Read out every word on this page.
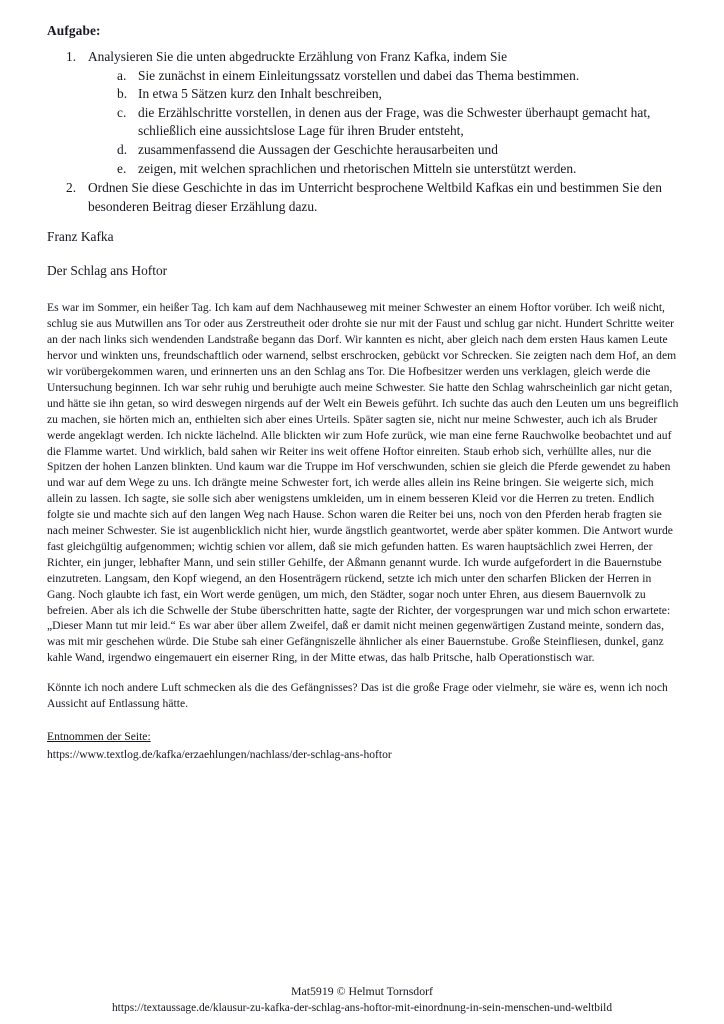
Aufgabe:
1. Analysieren Sie die unten abgedruckte Erzählung von Franz Kafka, indem Sie
a. Sie zunächst in einem Einleitungssatz vorstellen und dabei das Thema bestimmen.
b. In etwa 5 Sätzen kurz den Inhalt beschreiben,
c. die Erzählschritte vorstellen, in denen aus der Frage, was die Schwester überhaupt gemacht hat, schließlich eine aussichtslose Lage für ihren Bruder entsteht,
d. zusammenfassend die Aussagen der Geschichte herausarbeiten und
e. zeigen, mit welchen sprachlichen und rhetorischen Mitteln sie unterstützt werden.
2. Ordnen Sie diese Geschichte in das im Unterricht besprochene Weltbild Kafkas ein und bestimmen Sie den besonderen Beitrag dieser Erzählung dazu.

Franz Kafka

Der Schlag ans Hoftor

Es war im Sommer, ein heißer Tag. Ich kam auf dem Nachhauseweg mit meiner Schwester an einem Hoftor vorüber. Ich weiß nicht, schlug sie aus Mutwillen ans Tor oder aus Zerstreutheit oder drohte sie nur mit der Faust und schlug gar nicht. Hundert Schritte weiter an der nach links sich wendenden Landstraße begann das Dorf. Wir kannten es nicht, aber gleich nach dem ersten Haus kamen Leute hervor und winkten uns, freundschaftlich oder warnend, selbst erschrocken, gebückt vor Schrecken. Sie zeigten nach dem Hof, an dem wir vorübergekommen waren, und erinnerten uns an den Schlag ans Tor. Die Hofbesitzer werden uns verklagen, gleich werde die Untersuchung beginnen. Ich war sehr ruhig und beruhigte auch meine Schwester. Sie hatte den Schlag wahrscheinlich gar nicht getan, und hätte sie ihn getan, so wird deswegen nirgends auf der Welt ein Beweis geführt. Ich suchte das auch den Leuten um uns begreiflich zu machen, sie hörten mich an, enthielten sich aber eines Urteils. Später sagten sie, nicht nur meine Schwester, auch ich als Bruder werde angeklagt werden. Ich nickte lächelnd. Alle blickten wir zum Hofe zurück, wie man eine ferne Rauchwolke beobachtet und auf die Flamme wartet. Und wirklich, bald sahen wir Reiter ins weit offene Hoftor einreiten. Staub erhob sich, verhüllte alles, nur die Spitzen der hohen Lanzen blinkten. Und kaum war die Truppe im Hof verschwunden, schien sie gleich die Pferde gewendet zu haben und war auf dem Wege zu uns. Ich drängte meine Schwester fort, ich werde alles allein ins Reine bringen. Sie weigerte sich, mich allein zu lassen. Ich sagte, sie solle sich aber wenigstens umkleiden, um in einem besseren Kleid vor die Herren zu treten. Endlich folgte sie und machte sich auf den langen Weg nach Hause. Schon waren die Reiter bei uns, noch von den Pferden herab fragten sie nach meiner Schwester. Sie ist augenblicklich nicht hier, wurde ängstlich geantwortet, werde aber später kommen. Die Antwort wurde fast gleichgültig aufgenommen; wichtig schien vor allem, daß sie mich gefunden hatten. Es waren hauptsächlich zwei Herren, der Richter, ein junger, lebhafter Mann, und sein stiller Gehilfe, der Aßmann genannt wurde. Ich wurde aufgefordert in die Bauernstube einzutreten. Langsam, den Kopf wiegend, an den Hosenträgern rückend, setzte ich mich unter den scharfen Blicken der Herren in Gang. Noch glaubte ich fast, ein Wort werde genügen, um mich, den Städter, sogar noch unter Ehren, aus diesem Bauernvolk zu befreien. Aber als ich die Schwelle der Stube überschritten hatte, sagte der Richter, der vorgesprungen war und mich schon erwartete: „Dieser Mann tut mir leid.“ Es war aber über allem Zweifel, daß er damit nicht meinen gegenwärtigen Zustand meinte, sondern das, was mit mir geschehen würde. Die Stube sah einer Gefängniszelle ähnlicher als einer Bauernstube. Große Steinfliesen, dunkel, ganz kahle Wand, irgendwo eingemauert ein eiserner Ring, in der Mitte etwas, das halb Pritsche, halb Operationstisch war.

Könnte ich noch andere Luft schmecken als die des Gefängnisses? Das ist die große Frage oder vielmehr, sie wäre es, wenn ich noch Aussicht auf Entlassung hätte.

Entnommen der Seite:

https://www.textlog.de/kafka/erzaehlungen/nachlass/der-schlag-ans-hoftor

Mat5919 © Helmut Tornsdorf

https://textaussage.de/klausur-zu-kafka-der-schlag-ans-hoftor-mit-einordnung-in-sein-menschen-und-weltbild
